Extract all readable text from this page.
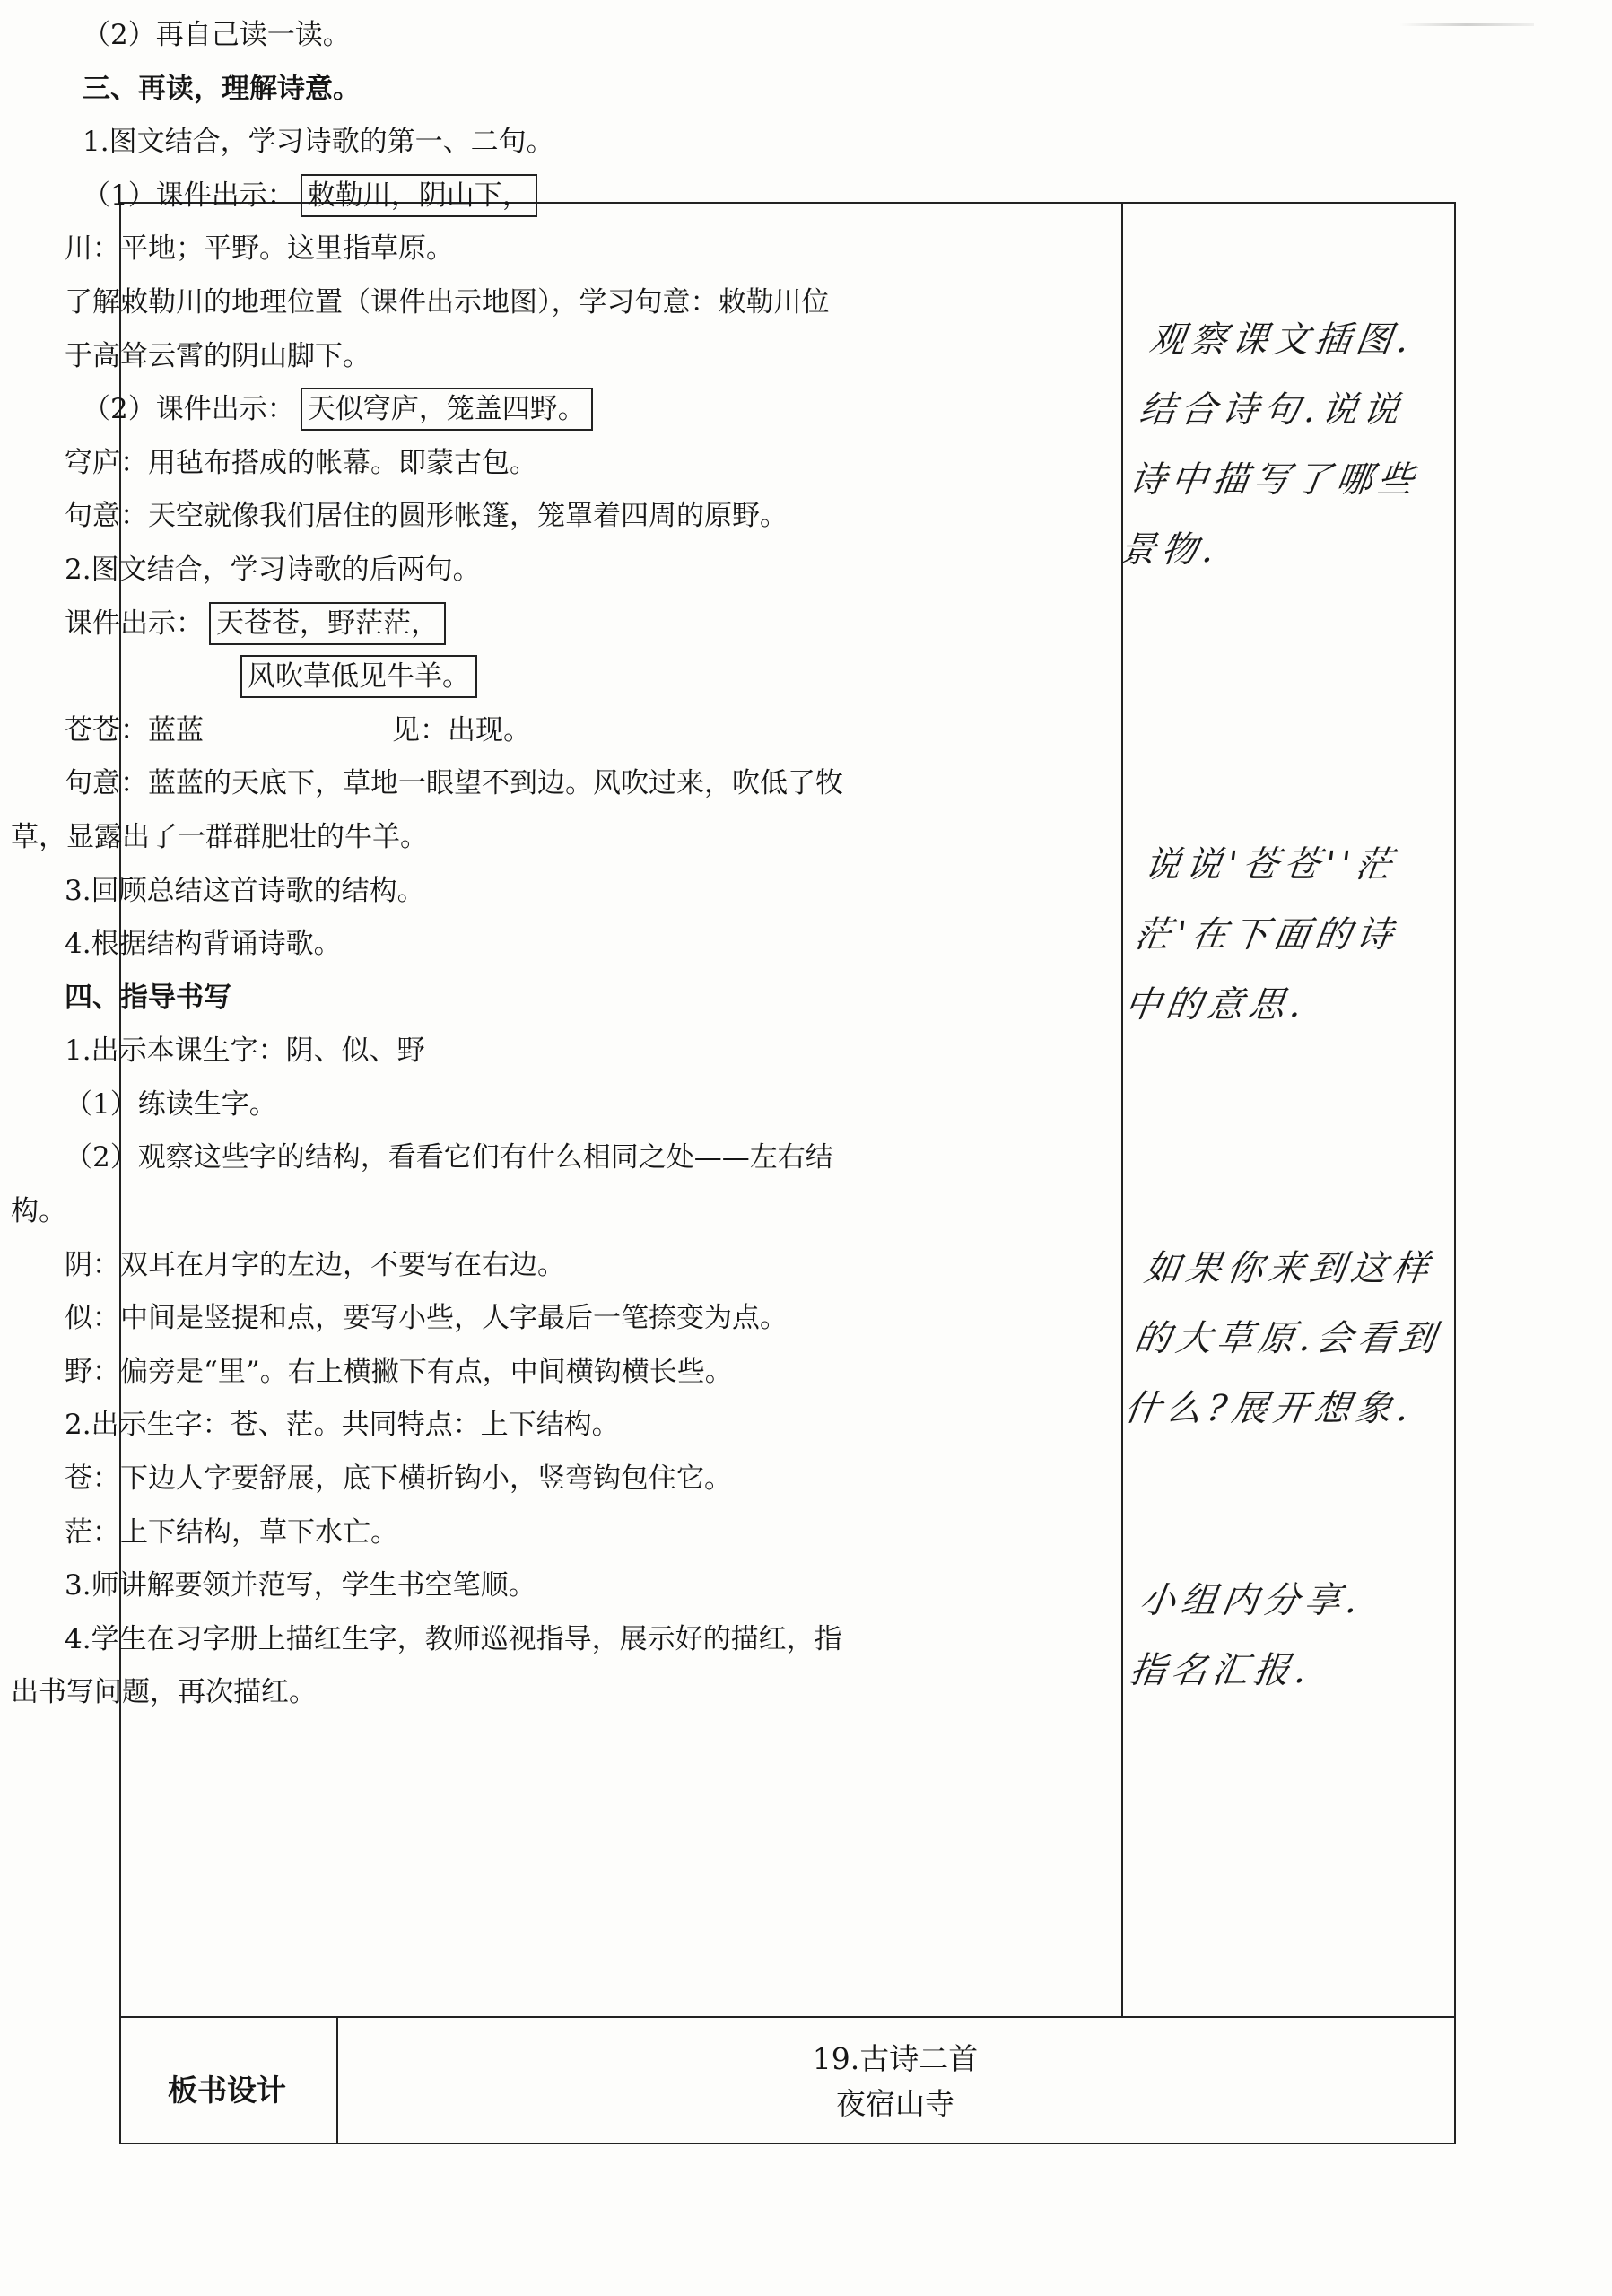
（2）再自己读一读。
三、再读，理解诗意。
1.图文结合，学习诗歌的第一、二句。
（1）课件出示： 敕勒川，阴山下，
川：平地；平野。这里指草原。
了解敕勒川的地理位置（课件出示地图），学习句意：敕勒川位
于高耸云霄的阴山脚下。
（2）课件出示： 天似穹庐，笼盖四野。
穹庐：用毡布搭成的帐幕。即蒙古包。
句意：天空就像我们居住的圆形帐篷，笼罩着四周的原野。
2.图文结合，学习诗歌的后两句。
课件出示： 天苍苍，野茫茫，
风吹草低见牛羊。
苍苍：蓝蓝	见：出现。
句意：蓝蓝的天底下，草地一眼望不到边。风吹过来，吹低了牧
草，显露出了一群群肥壮的牛羊。
3.回顾总结这首诗歌的结构。
4.根据结构背诵诗歌。
四、指导书写
1.出示本课生字：阴、似、野
（1）练读生字。
（2）观察这些字的结构，看看它们有什么相同之处——左右结
构。
阴：双耳在月字的左边，不要写在右边。
似：中间是竖提和点，要写小些，人字最后一笔捺变为点。
野：偏旁是“里”。右上横撇下有点，中间横钩横长些。
2.出示生字：苍、茫。共同特点：上下结构。
苍：下边人字要舒展，底下横折钩小，竖弯钩包住它。
茫：上下结构，草下水亡。
3.师讲解要领并范写，学生书空笔顺。
4.学生在习字册上描红生字，教师巡视指导，展示好的描红，指
出书写问题，再次描红。
观察课文插图.
结合诗句.说说
诗中描写了哪些
景物.
说说'苍苍''茫
茫'在下面的诗
中的意思.
如果你来到这样
的大草原.会看到
什么?展开想象.
小组内分享.
指名汇报.
板书设计
19.古诗二首
夜宿山寺
